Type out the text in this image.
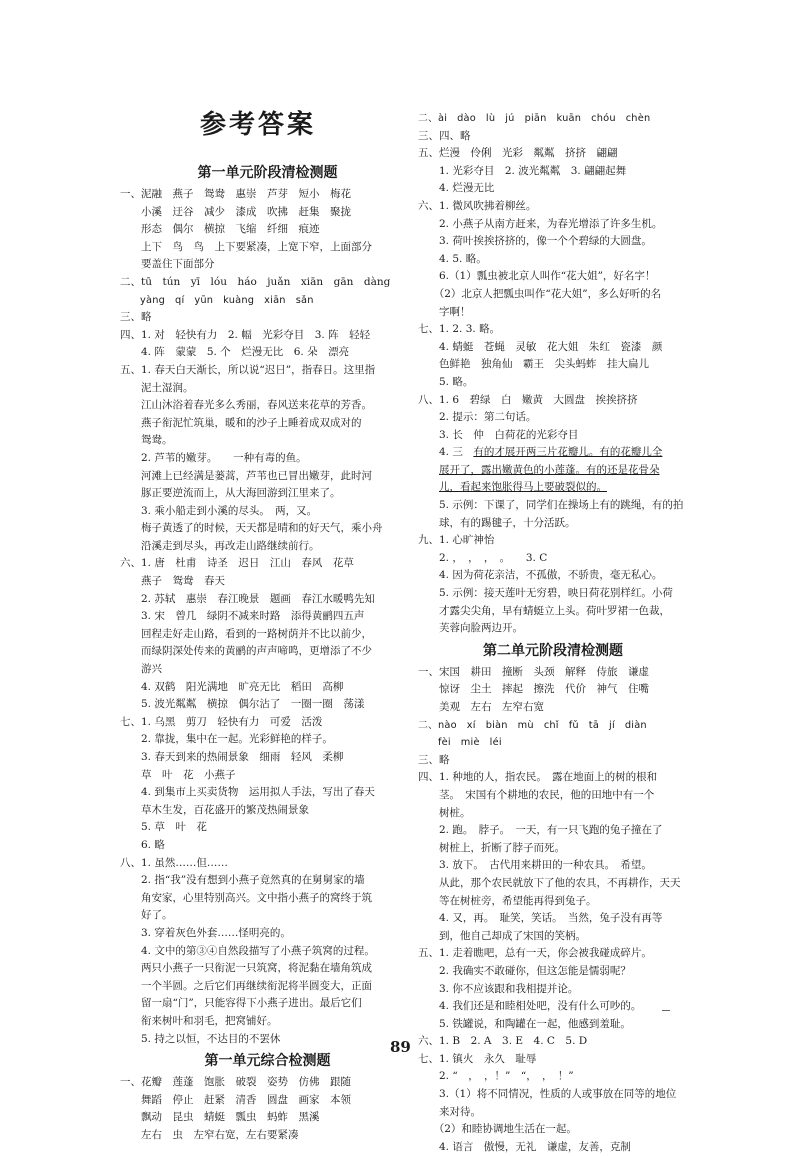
参考答案
第一单元阶段清检测题
一、泥融　燕子　鸳鸯　惠崇　芦芽　短小　梅花
　　小溪　迂谷　减少　漆成　吹拂　赶集　聚拢
　　形态　偶尔　横掠　飞缩　纤细　痕迹
　　上下　鸟　鸟　上下要紧凑，上宽下窄，上面部分
　　要盖住下面部分
二、tū　tún　yī　lóu　háo　juǎn　xiān　gān　dàng
　　yàng　qí　yūn　kuàng　xiān　sǎn
三、略
四、1. 对　轻快有力　2. 幅　光彩夺目　3. 阵　轻轻
　　4. 阵　蒙蒙　5. 个　烂漫无比　6. 朵　漂亮
五、1. 春天白天渐长，所以说“迟日”，指春日。这里指
　　泥土湿润。
　　江山沐浴着春光多么秀丽，春风送来花草的芳香。
　　燕子衔泥忙筑巢，暖和的沙子上睡着成双成对的
　　鸳鸯。
　　2. 芦苇的嫩芽。　　一种有毒的鱼。
　　河滩上已经满是蒌蒿，芦苇也已冒出嫩芽，此时河
　　豚正要逆流而上，从大海回游到江里来了。
　　3. 乘小船走到小溪的尽头。　两，又。
　　梅子黄透了的时候，天天都是晴和的好天气，乘小舟
　　沿溪走到尽头，再改走山路继续前行。
六、1. 唐　杜甫　诗圣　迟日　江山　春风　花草
　　燕子　鸳鸯　春天
　　2. 苏轼　惠崇　春江晚景　题画　春江水暖鸭先知
　　3. 宋　曾几　绿阴不减来时路　添得黄鹂四五声
　　回程走好走山路，看到的一路树荫并不比以前少，
　　而绿阴深处传来的黄鹂的声声啼鸣，更增添了不少
　　游兴
　　4. 双鹤　阳光满地　旷亮无比　稻田　高柳
　　5. 波光粼粼　横掠　偶尔沾了　一圈一圈　荡漾
七、1. 乌黑　剪刀　轻快有力　可爱　活泼
　　2. 靠拢，集中在一起。光彩鲜艳的样子。
　　3. 春天到来的热闹景象　细雨　轻风　柔柳
　　草　叶　花　小燕子
　　4. 到集市上买卖货物　运用拟人手法，写出了春天
　　草木生发，百花盛开的繁茂热闹景象
　　5. 草　叶　花
　　6. 略
八、1. 虽然……但……
　　2. 指“我”没有想到小燕子竟然真的在舅舅家的墙
　　角安家，心里特别高兴。文中指小燕子的窝终于筑
　　好了。
　　3. 穿着灰色外套……怪明亮的。
　　4. 文中的第③④自然段描写了小燕子筑窝的过程。
　　两只小燕子一只衔泥一只筑窝，将泥黏在墙角筑成
　　一个半圆。之后它们再继续衔泥将半圆变大，正面
　　留一扇“门”，只能容得下小燕子进出。最后它们
　　衔来树叶和羽毛，把窝铺好。
　　5. 持之以恒，不达目的不罢休
第一单元综合检测题
一、花瓣　莲蓬　饱胀　破裂　姿势　仿佛　跟随
　　舞蹈　停止　赶紧　清香　圆盘　画家　本领
　　飘动　昆虫　蜻蜓　瓢虫　蚂蚱　黑溪
　　左右　虫　左窄右宽，左右要紧凑
二、ài　dào　lù　jú　piān　kuān　chóu　chèn
三、四、略
五、烂漫　伶俐　光彩　粼粼　挤挤　翩翩
　　1. 光彩夺目　2. 波光粼粼　3. 翩翩起舞
　　4. 烂漫无比
六、1. 微风吹拂着柳丝。
　　2. 小燕子从南方赶来，为春光增添了许多生机。
　　3. 荷叶挨挨挤挤的，像一个个碧绿的大圆盘。
　　4. 5. 略。
　　6.（1）瓢虫被北京人叫作“花大姐”，好名字！
　　（2）北京人把瓢虫叫作“花大姐”，多么好听的名
　　字啊！
七、1. 2. 3. 略。
　　4. 蜻蜓　苍蝇　灵敏　花大姐　朱红　瓷漆　颜
　　色鲜艳　独角仙　霸王　尖头蚂蚱　挂大扁儿
　　5. 略。
八、1. 6　碧绿　白　嫩黄　大圆盘　挨挨挤挤
　　2. 提示：第二句话。
　　3. 长　仲　白荷花的光彩夺目
　　4. 三　有的才展开两三片花瓣儿。有的花瓣儿全
　　展开了，露出嫩黄色的小莲蓬。有的还是花骨朵
　　儿，看起来饱胀得马上要破裂似的。
　　5. 示例：下课了，同学们在操场上有的跳绳，有的拍
　　球，有的踢毽子，十分活跃。
九、1. 心旷神怡
　　2. ，　，　，　。　　3. C
　　4. 因为荷花亲洁，不孤傲，不骄贵，毫无私心。
　　5. 示例：接天莲叶无穷碧，映日荷花别样红。小荷
　　才露尖尖角，早有蜻蜓立上头。荷叶罗裙一色裁，
　　芙蓉向脸两边开。
第二单元阶段清检测题
一、宋国　耕田　撞断　头颈　解释　侍旅　谦虚
　　惊讶　尘土　摔起　擦洗　代价　神气　住嘴
　　美观　左右　左窄右宽
二、nào　xí　biàn　mù　chǐ　fǔ　tā　jí　diàn
　　fèi　miè　léi
三、略
四、1. 种地的人，指农民。　露在地面上的树的根和
　　茎。　宋国有个耕地的农民，他的田地中有一个
　　树桩。
　　2. 跑。　脖子。　一天，有一只飞跑的兔子撞在了
　　树桩上，折断了脖子而死。
　　3. 放下。　古代用来耕田的一种农具。　希望。
　　从此，那个农民就放下了他的农具，不再耕作，天天
　　等在树桩旁，希望能再得到兔子。
　　4. 又，再。　耻笑，笑话。　当然，兔子没有再等
　　到，他自己却成了宋国的笑柄。
五、1. 走着瞧吧，总有一天，你会被我碰成碎片。
　　2. 我确实不敢碰你，但这怎能是懦弱呢？
　　3. 你不应该跟和我相提并论。
　　4. 我们还是和睦相处吧，没有什么可吵的。
　　5. 铁罐说，和陶罐在一起，他感到羞耻。
六、1. B　2. A　3. E　4. C　5. D
七、1. 镇火　永久　耻辱
　　2. “　，　，！”　“，　，　！”
　　3.（1）将不同情况，性质的人或事放在同等的地位
　　来对待。
　　（2）和睦协调地生活在一起。
　　4. 语言　傲慢，无礼　谦虚，友善，克制
89
